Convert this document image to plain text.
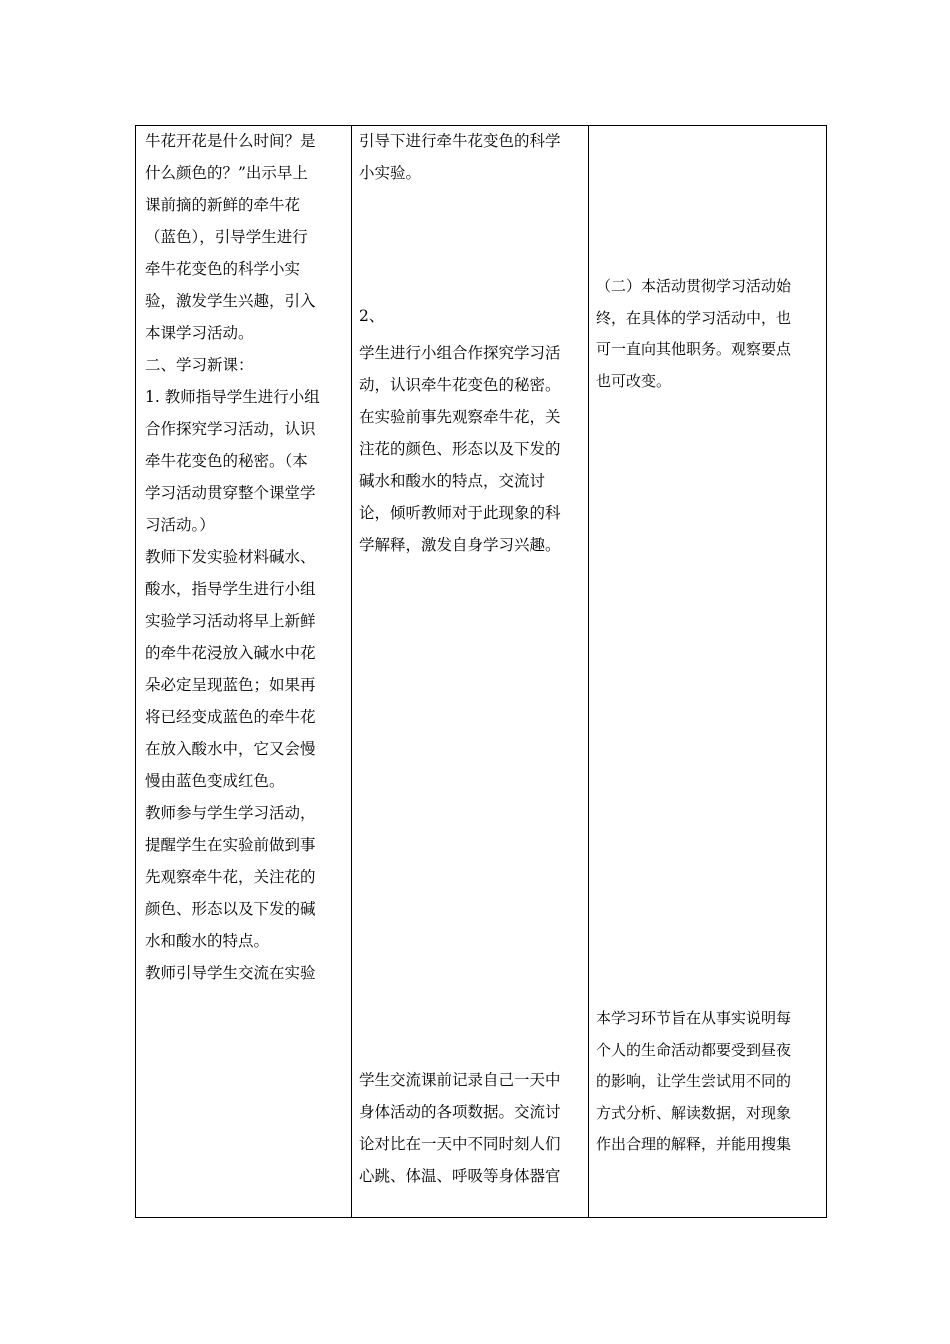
牛花开花是什么时间？是

什么颜色的？”出示早上

课前摘的新鲜的牵牛花

（蓝色），引导学生进行

牵牛花变色的科学小实

验，激发学生兴趣，引入

本课学习活动。

二、学习新课：

1. 教师指导学生进行小组

合作探究学习活动，认识

牵牛花变色的秘密。（本

学习活动贯穿整个课堂学

习活动。）

教师下发实验材料碱水、

酸水，指导学生进行小组

实验学习活动将早上新鲜

的牵牛花浸放入碱水中花

朵必定呈现蓝色；如果再

将已经变成蓝色的牵牛花

在放入酸水中，它又会慢

慢由蓝色变成红色。

教师参与学生学习活动，

提醒学生在实验前做到事

先观察牵牛花，关注花的

颜色、形态以及下发的碱

水和酸水的特点。

教师引导学生交流在实验

引导下进行牵牛花变色的科学

小实验。

2、

学生进行小组合作探究学习活

动，认识牵牛花变色的秘密。

在实验前事先观察牵牛花，关

注花的颜色、形态以及下发的

碱水和酸水的特点，交流讨

论，倾听教师对于此现象的科

学解释，激发自身学习兴趣。

学生交流课前记录自己一天中

身体活动的各项数据。交流讨

论对比在一天中不同时刻人们

心跳、体温、呼吸等身体器官

（二）本活动贯彻学习活动始

终，在具体的学习活动中，也

可一直向其他职务。观察要点

也可改变。

本学习环节旨在从事实说明每

个人的生命活动都要受到昼夜

的影响，让学生尝试用不同的

方式分析、解读数据，对现象

作出合理的解释，并能用搜集
